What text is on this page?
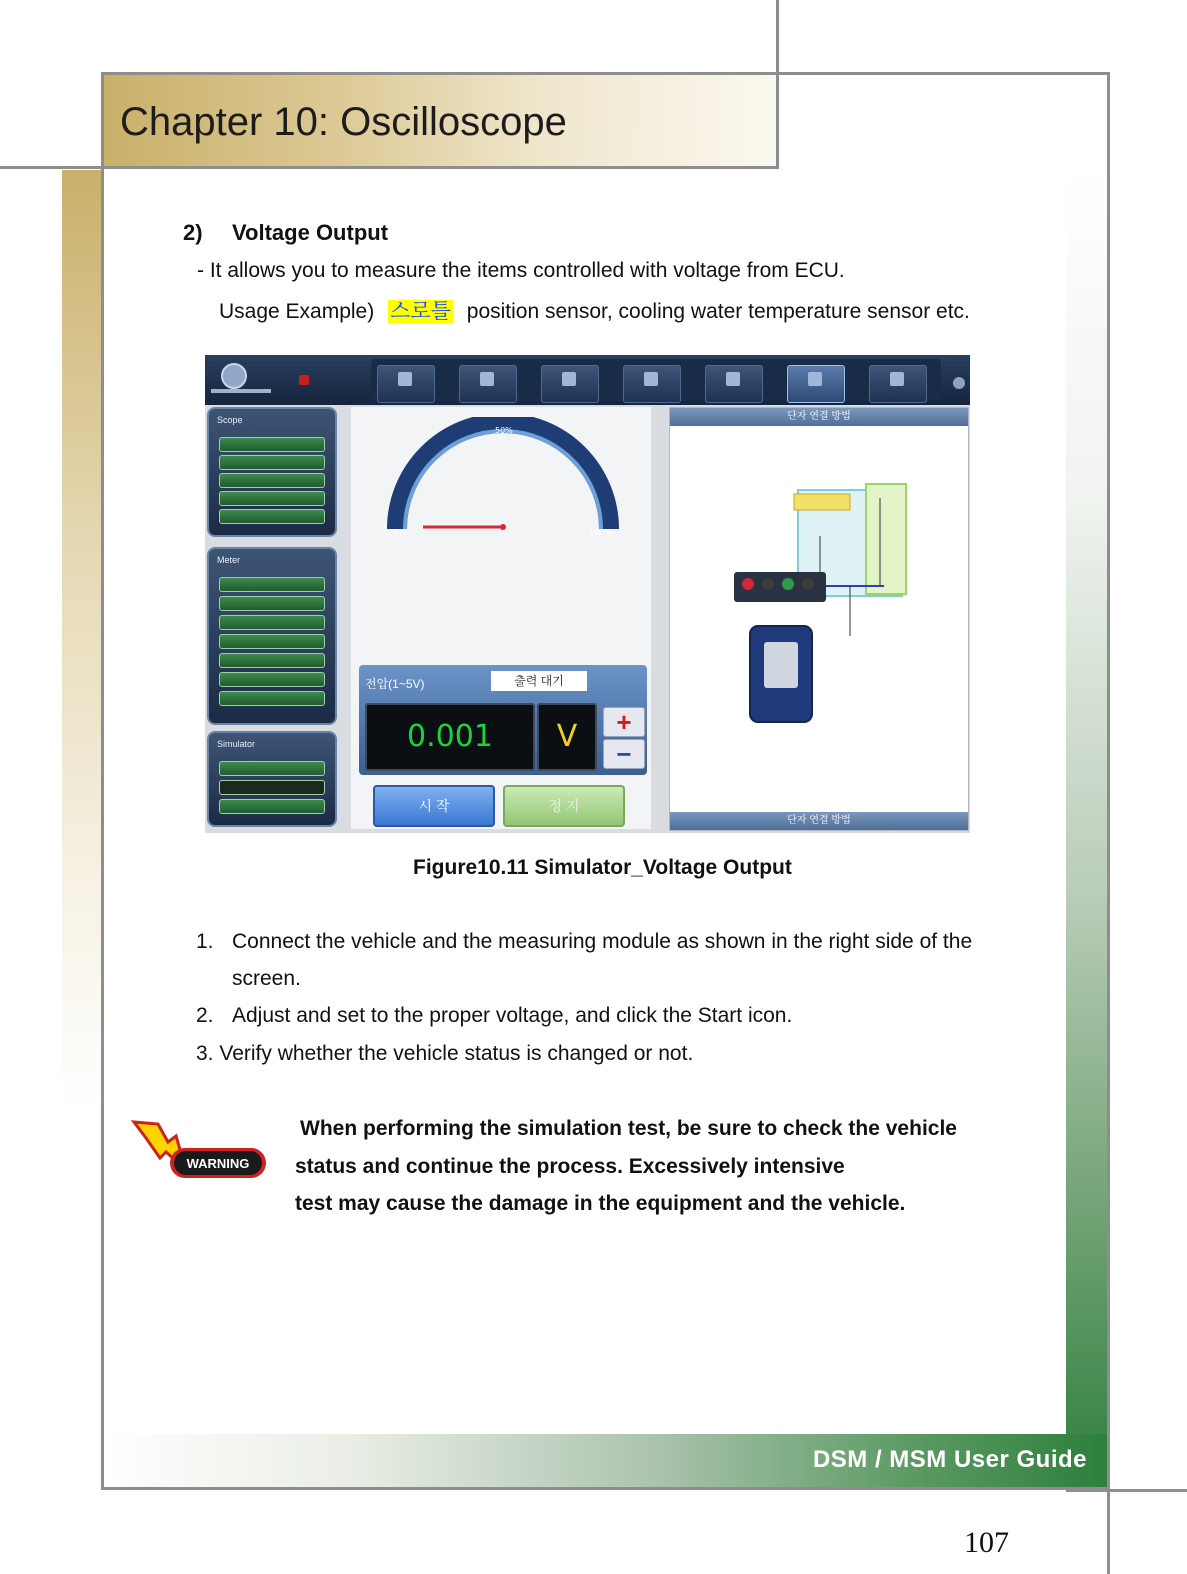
Chapter 10: Oscilloscope
2) Voltage Output
- It allows you to measure the items controlled with voltage from ECU.
Usage Example) 스로틀 position sensor, cooling water temperature sensor etc.
Scope
Meter
Simulator
0%
50%
100%
전압(1~5V)	출력 대기
0.001	V	+
−
시 작	정 지
단자 연결 방법
단자 연결 방법
Figure10.11 Simulator_Voltage Output
1. Connect the vehicle and the measuring module as shown in the right side of the
screen.
2. Adjust and set to the proper voltage, and click the Start icon.
3. Verify whether the vehicle status is changed or not.
WARNING
When performing the simulation test, be sure to check the vehicle
status and continue the process. Excessively intensive
test may cause the damage in the equipment and the vehicle.
DSM / MSM User Guide
107
